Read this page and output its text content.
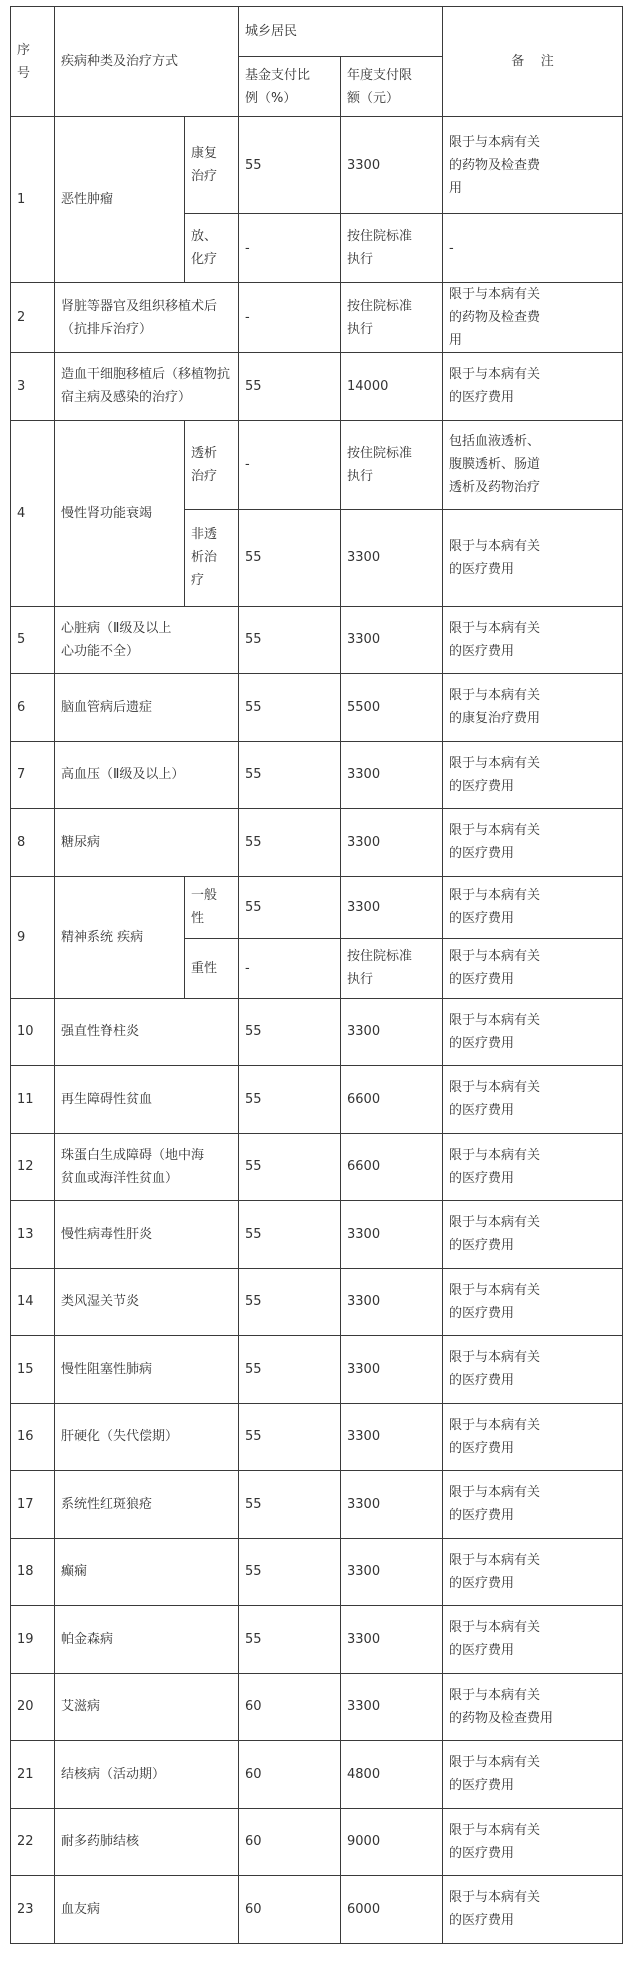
序
号	疾病种类及治疗方式		城乡居民		备    注
			基金支付比
例（%）	年度支付限
额（元）	
1	恶性肿瘤	康复
治疗	55	3300	限于与本病有关
的药物及检查费
用
		放、
化疗	-	按住院标准
执行	-
2	肾脏等器官及组织移植术后
（抗排斥治疗）		-	按住院标准
执行	限于与本病有关
的药物及检查费
用
3	造血干细胞移植后（移植物抗
宿主病及感染的治疗）		55	14000	限于与本病有关
的医疗费用
4	慢性肾功能衰竭	透析
治疗	-	按住院标准
执行	包括血液透析、
腹膜透析、肠道
透析及药物治疗
		非透
析治
疗	55	3300	限于与本病有关
的医疗费用
5	心脏病（Ⅱ级及以上
心功能不全）		55	3300	限于与本病有关
的医疗费用
6	脑血管病后遗症		55	5500	限于与本病有关
的康复治疗费用
7	高血压（Ⅱ级及以上）		55	3300	限于与本病有关
的医疗费用
8	糖尿病		55	3300	限于与本病有关
的医疗费用
9	精神系统 疾病	一般
性	55	3300	限于与本病有关
的医疗费用
		重性	-	按住院标准
执行	限于与本病有关
的医疗费用
10	强直性脊柱炎		55	3300	限于与本病有关
的医疗费用
11	再生障碍性贫血		55	6600	限于与本病有关
的医疗费用
12	珠蛋白生成障碍（地中海
贫血或海洋性贫血）		55	6600	限于与本病有关
的医疗费用
13	慢性病毒性肝炎		55	3300	限于与本病有关
的医疗费用
14	类风湿关节炎		55	3300	限于与本病有关
的医疗费用
15	慢性阻塞性肺病		55	3300	限于与本病有关
的医疗费用
16	肝硬化（失代偿期）		55	3300	限于与本病有关
的医疗费用
17	系统性红斑狼疮		55	3300	限于与本病有关
的医疗费用
18	癫痫		55	3300	限于与本病有关
的医疗费用
19	帕金森病		55	3300	限于与本病有关
的医疗费用
20	艾滋病		60	3300	限于与本病有关
的药物及检查费用
21	结核病（活动期）		60	4800	限于与本病有关
的医疗费用
22	耐多药肺结核		60	9000	限于与本病有关
的医疗费用
23	血友病		60	6000	限于与本病有关
的医疗费用
